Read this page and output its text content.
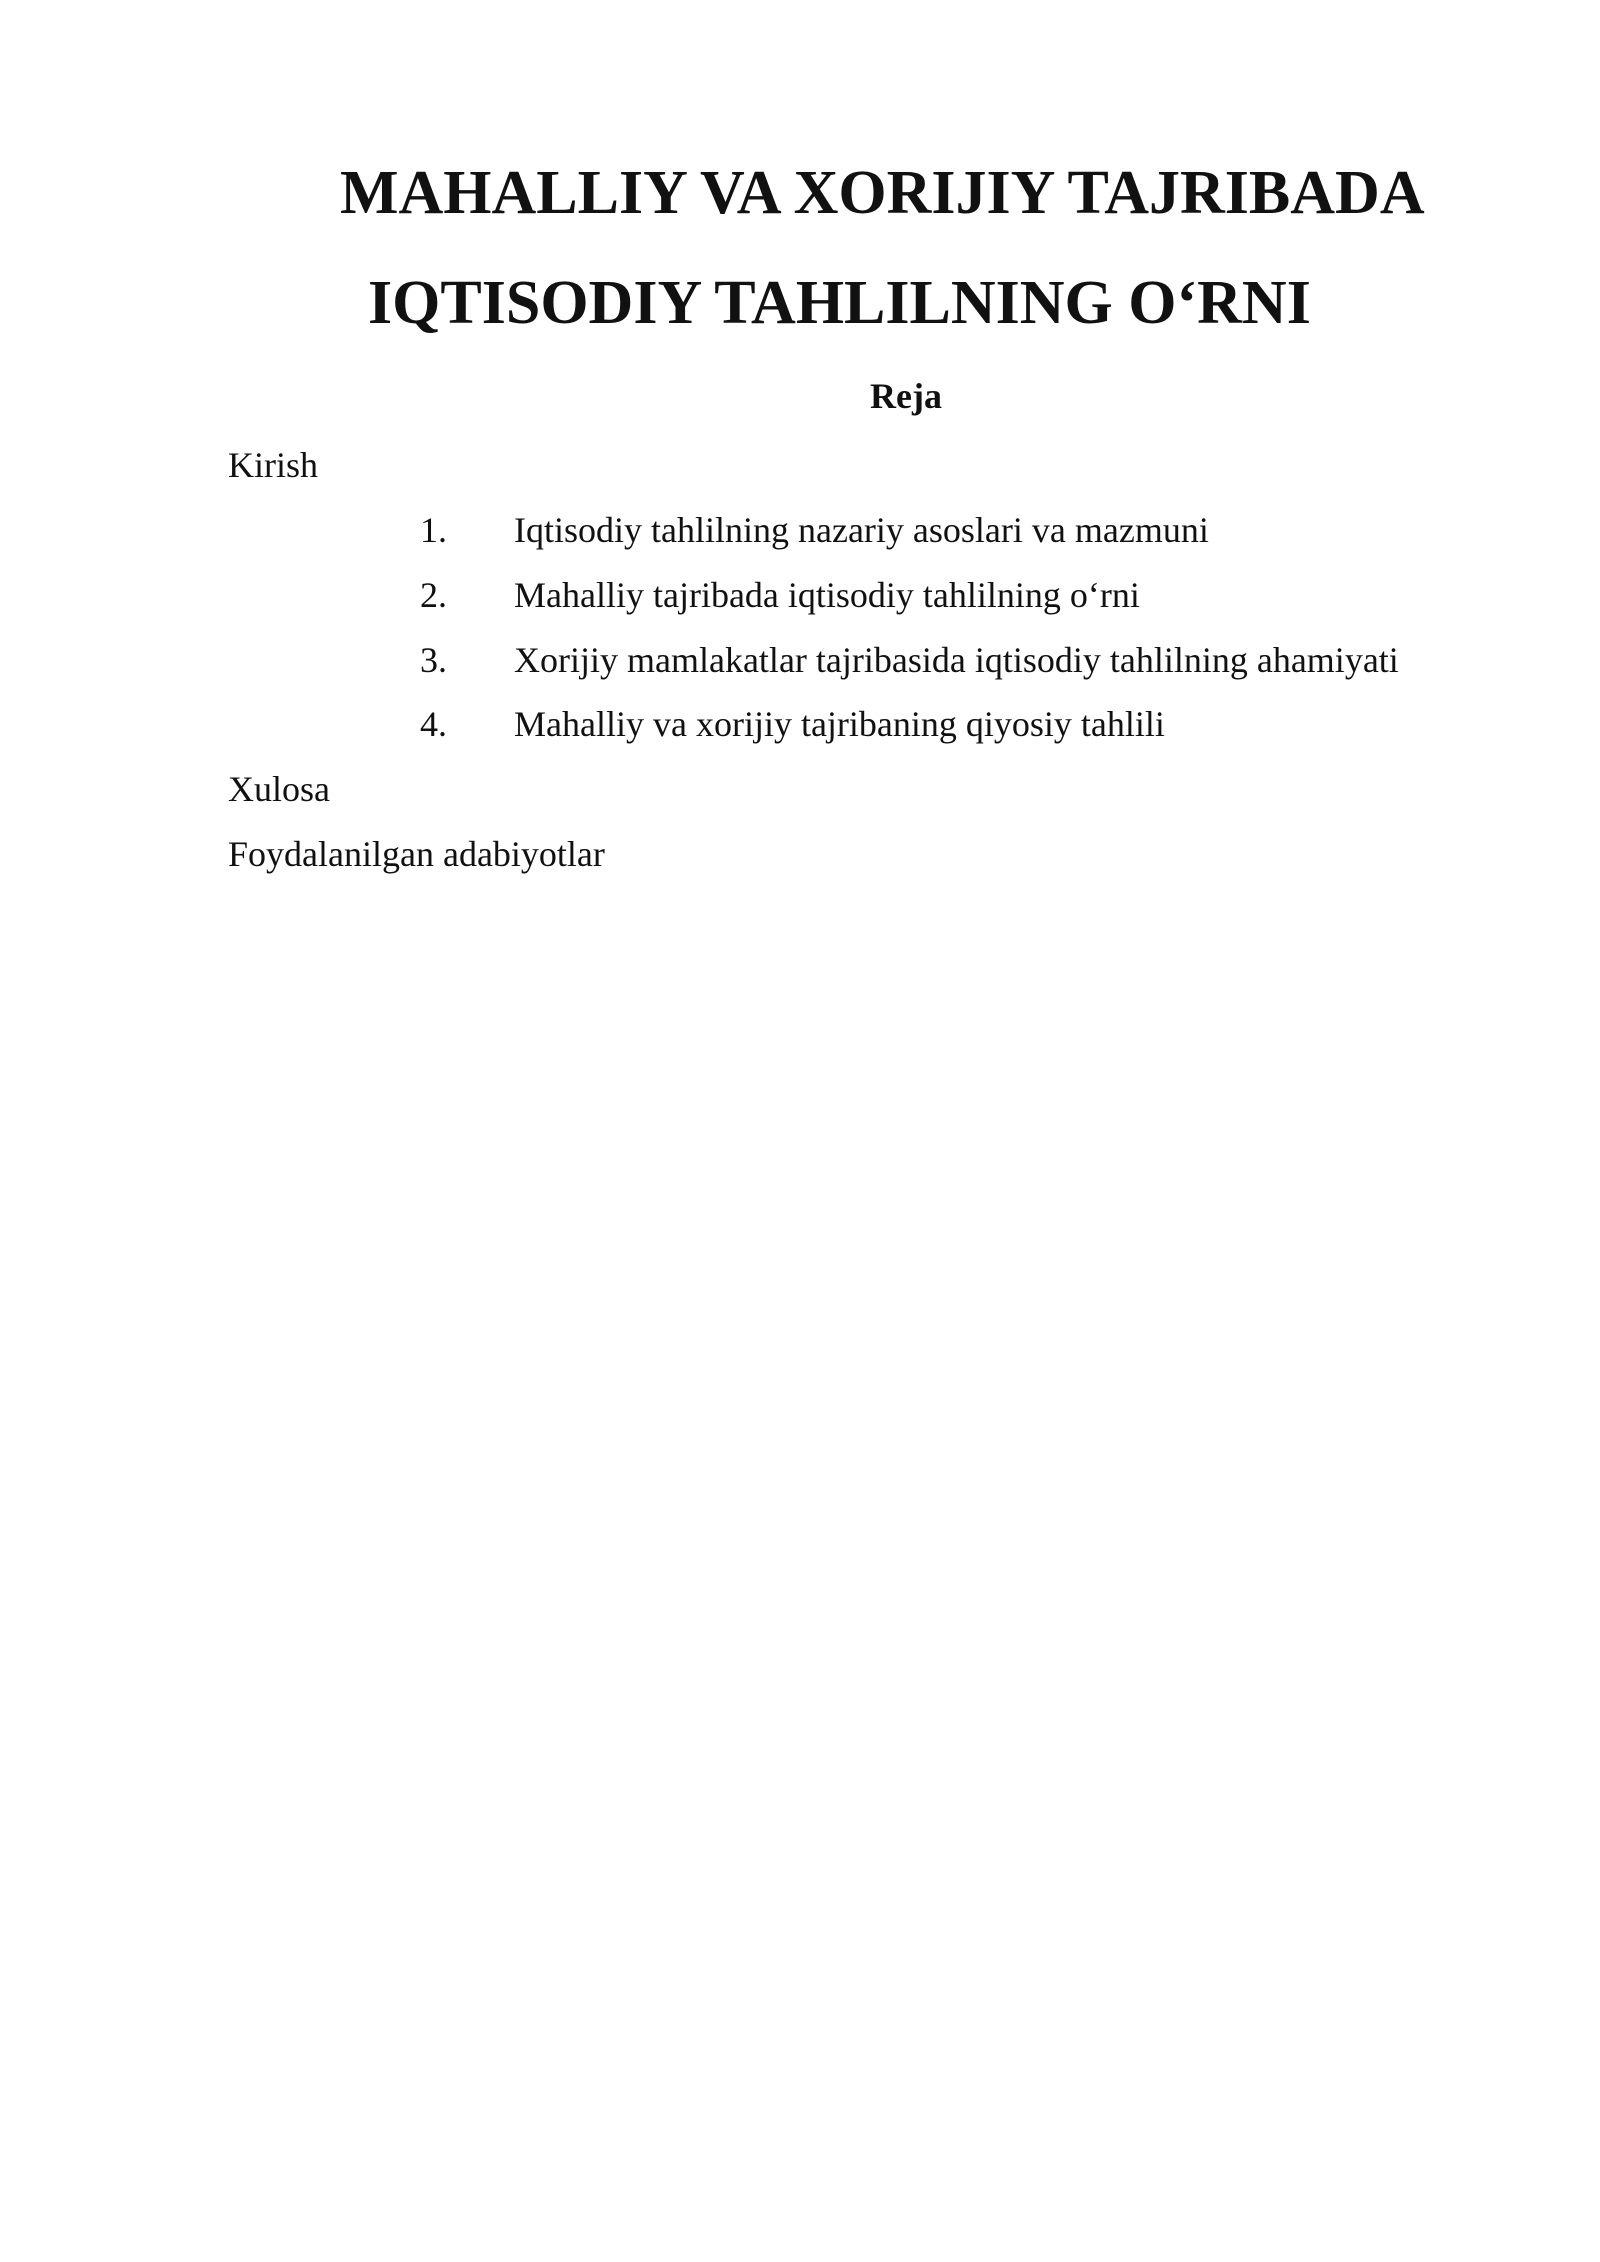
MAHALLIY VA XORIJIY TAJRIBADA
IQTISODIY TAHLILNING O‘RNI
Reja
Kirish
1. Iqtisodiy tahlilning nazariy asoslari va mazmuni
2. Mahalliy tajribada iqtisodiy tahlilning o‘rni
3. Xorijiy mamlakatlar tajribasida iqtisodiy tahlilning ahamiyati
4. Mahalliy va xorijiy tajribaning qiyosiy tahlili
Xulosa
Foydalanilgan adabiyotlar
